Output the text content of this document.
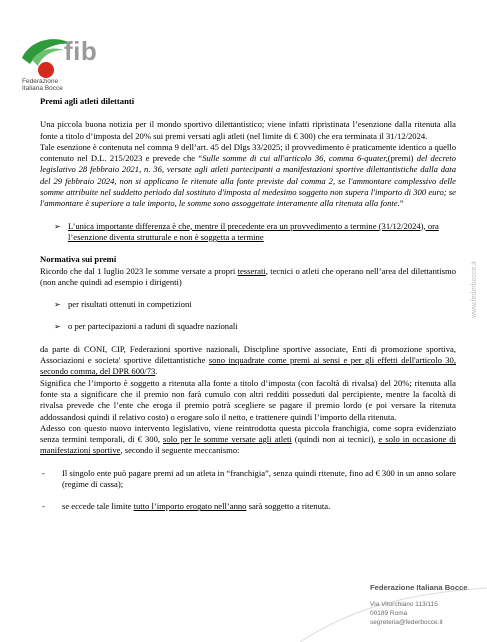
fib
Federazione
Italiana Bocce

Premi agli atleti dilettanti

Una piccola buona notizia per il mondo sportivo dilettantistico; viene infatti ripristinata l’esenzione dalla ritenuta alla fonte a titolo d’imposta del 20% sui premi versati agli atleti (nel limite di € 300) che era terminata il 31/12/2024.

Tale esenzione è contenuta nel comma 9 dell’art. 45 del Dlgs 33/2025; il provvedimento è praticamente identico a quello contenuto nel D.L. 215/2023 e prevede che “Sulle somme di cui all'articolo 36, comma 6-quater,(premi) del decreto legislativo 28 febbraio 2021, n. 36, versate agli atleti partecipanti a manifestazioni sportive dilettantistiche dalla data del 29 febbraio 2024, non si applicano le ritenute alla fonte previste dal comma 2, se l'ammontare complessivo delle somme attribuite nel suddetto periodo dal sostituto d'imposta al medesimo soggetto non supera l'importo di 300 euro; se l'ammontare è superiore a tale importo, le somme sono assoggettate interamente alla ritenuta alla fonte.”

➢ L’unica importante differenza è che, mentre il precedente era un provvedimento a termine (31/12/2024), ora l’esenzione diventa strutturale e non è soggetta a termine

Normativa sui premi

Ricordo che dal 1 luglio 2023 le somme versate a propri tesserati, tecnici o atleti che operano nell’area del dilettantismo (non anche quindi ad esempio i dirigenti)

➢ per risultati ottenuti in competizioni
➢ o per partecipazioni a raduni di squadre nazionali

da parte di CONI, CIP, Federazioni sportive nazionali, Discipline sportive associate, Enti di promozione sportiva, Associazioni e societa' sportive dilettantistiche sono inquadrate come premi ai sensi e per gli effetti dell'articolo 30, secondo comma, del DPR 600/73.

Significa che l’importo è soggetto a ritenuta alla fonte a titolo d’imposta (con facoltà di rivalsa) del 20%; ritenuta alla fonte sta a significare che il premio non farà cumulo con altri redditi posseduti dal percipiente, mentre la facoltà di rivalsa prevede che l’ente che eroga il premio potrà scegliere se pagare il premio lordo (e poi versare la ritenuta addossandosi quindi il relativo costo) o erogare solo il netto, e trattenere quindi l’importo della ritenuta.

Adesso con questo nuovo intervento legislativo, viene reintrodotta questa piccola franchigia, come sopra evidenziato senza termini temporali, di € 300, solo per le somme versate agli atleti (quindi non ai tecnici), e solo in occasione di manifestazioni sportive, secondo il seguente meccanismo:

-	Il singolo ente può pagare premi ad un atleta in “franchigia”, senza quindi ritenute, fino ad € 300 in un anno solare (regime di cassa);
-	se eccede tale limite tutto l’importo erogato nell’anno sarà soggetto a ritenuta.
www.federbocce.it
Federazione Italiana Bocce
Via Vitorchiano 113/115
00189 Roma
segreteria@federbocce.it
